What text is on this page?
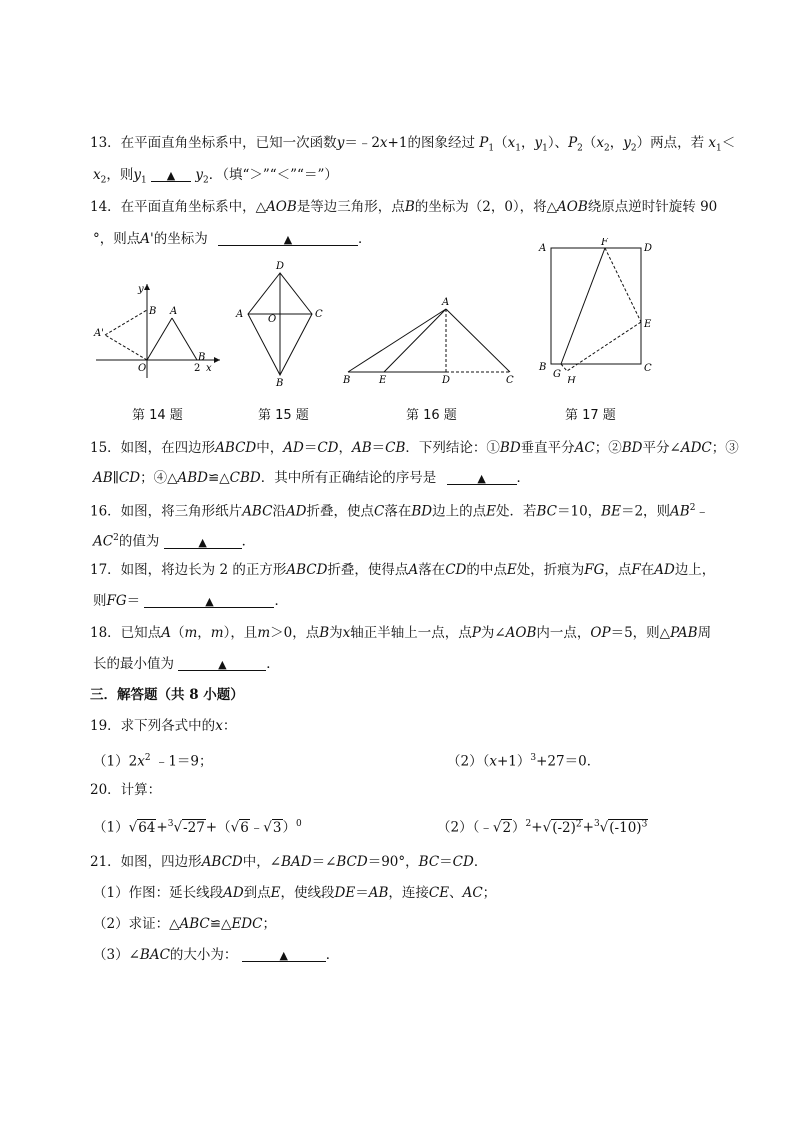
13．在平面直角坐标系中，已知一次函数y＝﹣2x+1的图象经过 $P_1(x_1$，$y_1$）、$P_2(x_2$，$y_2$）两点，若 $x_1<$
$x_2$，则$y_1$ ▲ $y_2$．（填“＞”“＜”“＝”）
14．在平面直角坐标系中，△AOB是等边三角形，点B的坐标为（2，0），将△AOB绕原点逆时针旋转 90
°，则点A'的坐标为	▲	．
y
B A
A'
O
B
2 x
D
A O	C
B
A
B	E	D	C
A
F
D
E
B
G
H
C
第 14 题	第 15 题	第 16 题	第 17 题
15．如图，在四边形ABCD中，AD＝CD，AB＝CB．下列结论：①BD垂直平分AC；②BD平分∠ADC；③
AB∥CD；④△ABD≌△CBD．其中所有正确结论的序号是	▲ ．
16．如图，将三角形纸片ABC沿AD折叠，使点C落在BD边上的点E处．若BC＝10，BE＝2，则$AB^2﹣$
$AC^2$的值为	▲	．
17．如图，将边长为 2 的正方形ABCD折叠，使得点A落在CD的中点E处，折痕为FG，点F在AD边上，
则FG＝	▲	．
18．已知点A（m，m），且m＞0，点B为x轴正半轴上一点，点P为∠AOB内一点，OP＝5，则△PAB周
长的最小值为	▲	．
三．解答题（共 8 小题）
19．求下列各式中的x：
$(1)2x^2$ ﹣1＝9；	$(2)(x+1)^3+27=0$．
20．计算：
（1）√64+$^3$√-27+（√6﹣√3）$^0$	$(2)(﹣√2)^2+√(-2)^2+^3√(-10)^3$
21．如图，四边形ABCD中，∠BAD＝∠BCD＝90°，BC＝CD．
（1）作图：延长线段AD到点E，使线段DE＝AB，连接CE、AC；
（2）求证：△ABC≌△EDC；
（3）∠BAC的大小为：	▲	．
